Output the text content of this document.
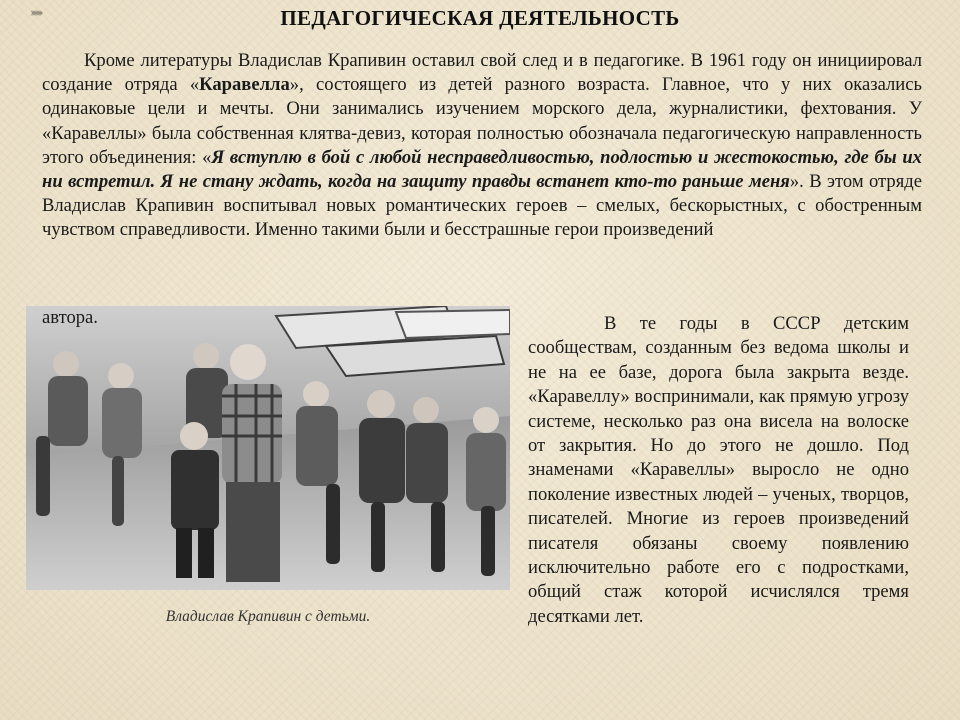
››››››››	ПЕДАГОГИЧЕСКАЯ ДЕЯТЕЛЬНОСТЬ
Кроме литературы Владислав Крапивин оставил свой след и в педагогике. В 1961 году он инициировал создание отряда «Каравелла», состоящего из детей разного возраста. Главное, что у них оказались одинаковые цели и мечты. Они занимались изучением морского дела, журналистики, фехтования. У «Каравеллы» была собственная клятва-девиз, которая полностью обозначала педагогическую направленность этого объединения: «Я вступлю в бой с любой несправедливостью, подлостью и жестокостью, где бы их ни встретил. Я не стану ждать, когда на защиту правды встанет кто-то раньше меня». В этом отряде Владислав Крапивин воспитывал новых романтических героев – смелых, бескорыстных, с обостренным чувством справедливости. Именно такими были и бесстрашные герои произведений
автора.
Владислав Крапивин с детьми.
В те годы в СССР детским сообществам, созданным без ведома школы и не на ее базе, дорога была закрыта везде. «Каравеллу» воспринимали, как прямую угрозу системе, несколько раз она висела на волоске от закрытия. Но до этого не дошло. Под знаменами «Каравеллы» выросло не одно поколение известных людей – ученых, творцов, писателей. Многие из героев произведений писателя обязаны своему появлению исключительно работе его с подростками, общий стаж которой исчислялся тремя десятками лет.
